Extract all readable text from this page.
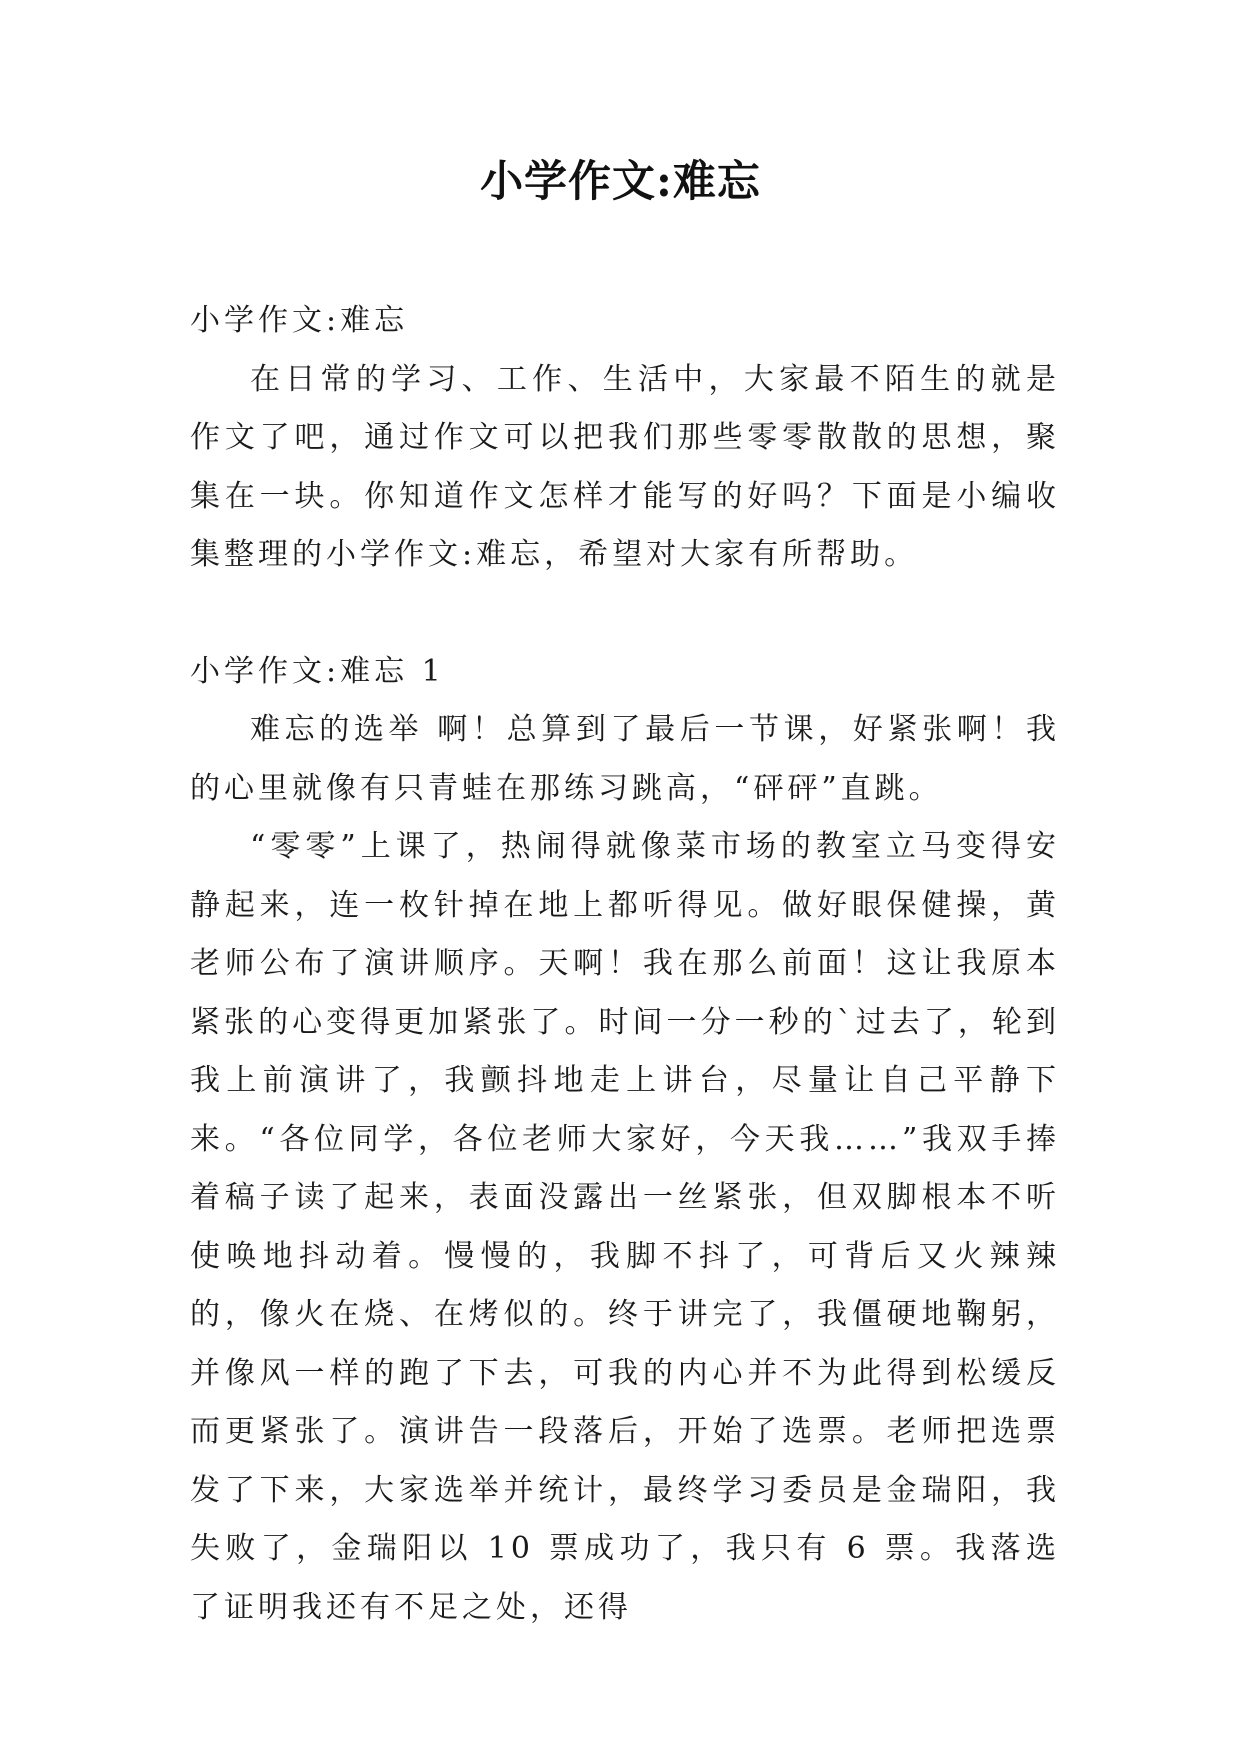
小学作文:难忘

小学作文:难忘

在日常的学习、工作、生活中，大家最不陌生的就是作文了吧，通过作文可以把我们那些零零散散的思想，聚集在一块。你知道作文怎样才能写的好吗？下面是小编收集整理的小学作文:难忘，希望对大家有所帮助。

小学作文:难忘 1

难忘的选举 啊！总算到了最后一节课，好紧张啊！我的心里就像有只青蛙在那练习跳高，“砰砰”直跳。

“零零”上课了，热闹得就像菜市场的教室立马变得安静起来，连一枚针掉在地上都听得见。做好眼保健操，黄老师公布了演讲顺序。天啊！我在那么前面！这让我原本紧张的心变得更加紧张了。时间一分一秒的`过去了，轮到我上前演讲了，我颤抖地走上讲台，尽量让自己平静下来。“各位同学，各位老师大家好，今天我……”我双手捧着稿子读了起来，表面没露出一丝紧张，但双脚根本不听使唤地抖动着。慢慢的，我脚不抖了，可背后又火辣辣的，像火在烧、在烤似的。终于讲完了，我僵硬地鞠躬，并像风一样的跑了下去，可我的内心并不为此得到松缓反而更紧张了。演讲告一段落后，开始了选票。老师把选票发了下来，大家选举并统计，最终学习委员是金瑞阳，我失败了，金瑞阳以 10 票成功了，我只有 6 票。我落选了证明我还有不足之处，还得
